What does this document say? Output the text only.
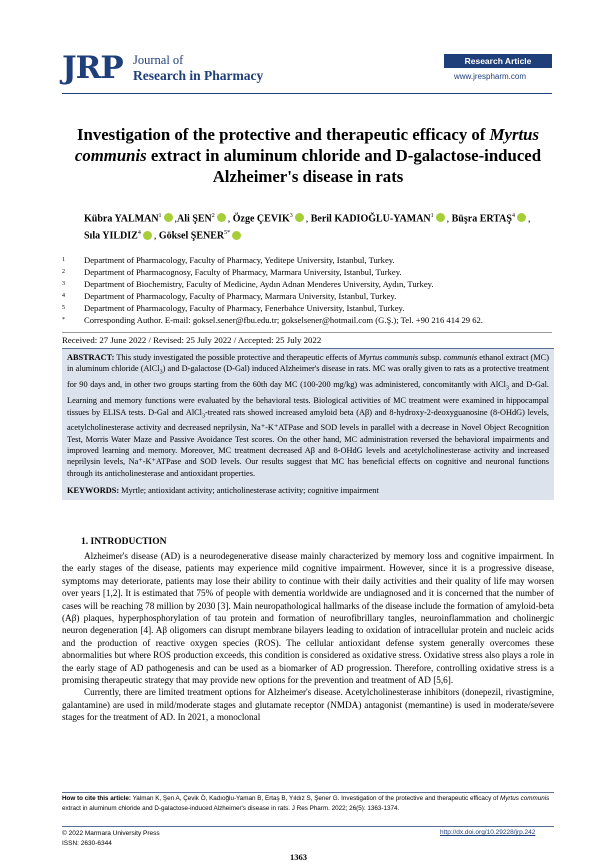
JRP Journal of
Research in Pharmacy
Research Article
www.jrespharm.com
Investigation of the protective and therapeutic efficacy of Myrtus communis extract in aluminum chloride and D-galactose-induced Alzheimer's disease in rats
Kübra YALMAN$^1$ ,Ali ŞEN$^2$ , Özge ÇEVIK$^3$ , Beril KADIOĞLU-YAMAN$^1$ , Büşra ERTAŞ$^4$ ,
Sıla YILDIZ$^4$ , Göksel $ŞENER^{5*}$
1	Department of Pharmacology, Faculty of Pharmacy, Yeditepe University, Istanbul, Turkey.
2	Department of Pharmacognosy, Faculty of Pharmacy, Marmara University, Istanbul, Turkey.
3	Department of Biochemistry, Faculty of Medicine, Aydın Adnan Menderes University, Aydın, Turkey.
4	Department of Pharmacology, Faculty of Pharmacy, Marmara University, Istanbul, Turkey.
5	Department of Pharmacology, Faculty of Pharmacy, Fenerbahce University, Istanbul, Turkey.
*	Corresponding Author. E-mail: goksel.sener@fbu.edu.tr; gokselsener@hotmail.com (G.Ş.); Tel. +90 216 414 29 62.
Received: 27 June 2022 / Revised: 25 July 2022 / Accepted: 25 July 2022
ABSTRACT: This study investigated the possible protective and therapeutic effects of Myrtus communis subsp. communis ethanol extract (MC) in aluminum chloride (AlCl$_3$) and D-galactose (D-Gal) induced Alzheimer's disease in rats. MC was orally given to rats as a protective treatment for 90 days and, in other two groups starting from the 60th day MC (100-200 mg/kg) was administered, concomitantly with AlCl$_3$ and D-Gal. Learning and memory functions were evaluated by the behavioral tests. Biological activities of MC treatment were examined in hippocampal tissues by ELISA tests. D-Gal and AlCl$_3$-treated rats showed increased amyloid beta (Aβ) and 8-hydroxy-2-deoxyguanosine (8-OHdG) levels, acetylcholinesterase activity and decreased neprilysin, Na⁺-K⁺ATPase and SOD levels in parallel with a decrease in Novel Object Recognition Test, Morris Water Maze and Passive Avoidance Test scores. On the other hand, MC administration reversed the behavioral impairments and improved learning and memory. Moreover, MC treatment decreased Aβ and 8-OHdG levels and acetylcholinesterase activity and increased neprilysin levels, Na⁺-K⁺ATPase and SOD levels. Our results suggest that MC has beneficial effects on cognitive and neuronal functions through its anticholinesterase and antioxidant properties.
KEYWORDS: Myrtle; antioxidant activity; anticholinesterase activity; cognitive impairment
1. INTRODUCTION

Alzheimer's disease (AD) is a neurodegenerative disease mainly characterized by memory loss and cognitive impairment. In the early stages of the disease, patients may experience mild cognitive impairment. However, since it is a progressive disease, symptoms may deteriorate, patients may lose their ability to continue with their daily activities and their quality of life may worsen over years [1,2]. It is estimated that 75% of people with dementia worldwide are undiagnosed and it is concerned that the number of cases will be reaching 78 million by 2030 [3]. Main neuropathological hallmarks of the disease include the formation of amyloid-beta (Aβ) plaques, hyperphosphorylation of tau protein and formation of neurofibrillary tangles, neuroinflammation and cholinergic neuron degeneration [4]. Aβ oligomers can disrupt membrane bilayers leading to oxidation of intracellular protein and nucleic acids and the production of reactive oxygen species (ROS). The cellular antioxidant defense system generally overcomes these abnormalities but where ROS production exceeds, this condition is considered as oxidative stress. Oxidative stress also plays a role in the early stage of AD pathogenesis and can be used as a biomarker of AD progression. Therefore, controlling oxidative stress is a promising therapeutic strategy that may provide new options for the prevention and treatment of AD [5,6].

Currently, there are limited treatment options for Alzheimer's disease. Acetylcholinesterase inhibitors (donepezil, rivastigmine, galantamine) are used in mild/moderate stages and glutamate receptor (NMDA) antagonist (memantine) is used in moderate/severe stages for the treatment of AD. In 2021, a monoclonal

How to cite this article: Yalman K, Şen A, Çevik Ö, Kadıoğlu-Yaman B, Ertaş B, Yıldız S, Şener G. Investigation of the protective and therapeutic efficacy of Myrtus communis extract in aluminum chloride and D-galactose-induced Alzheimer's disease in rats. J Res Pharm. 2022; 26(5): 1363-1374.
© 2022 Marmara University Press
ISSN: 2630-6344
http://dx.doi.org/10.29228/jrp.242
1363
